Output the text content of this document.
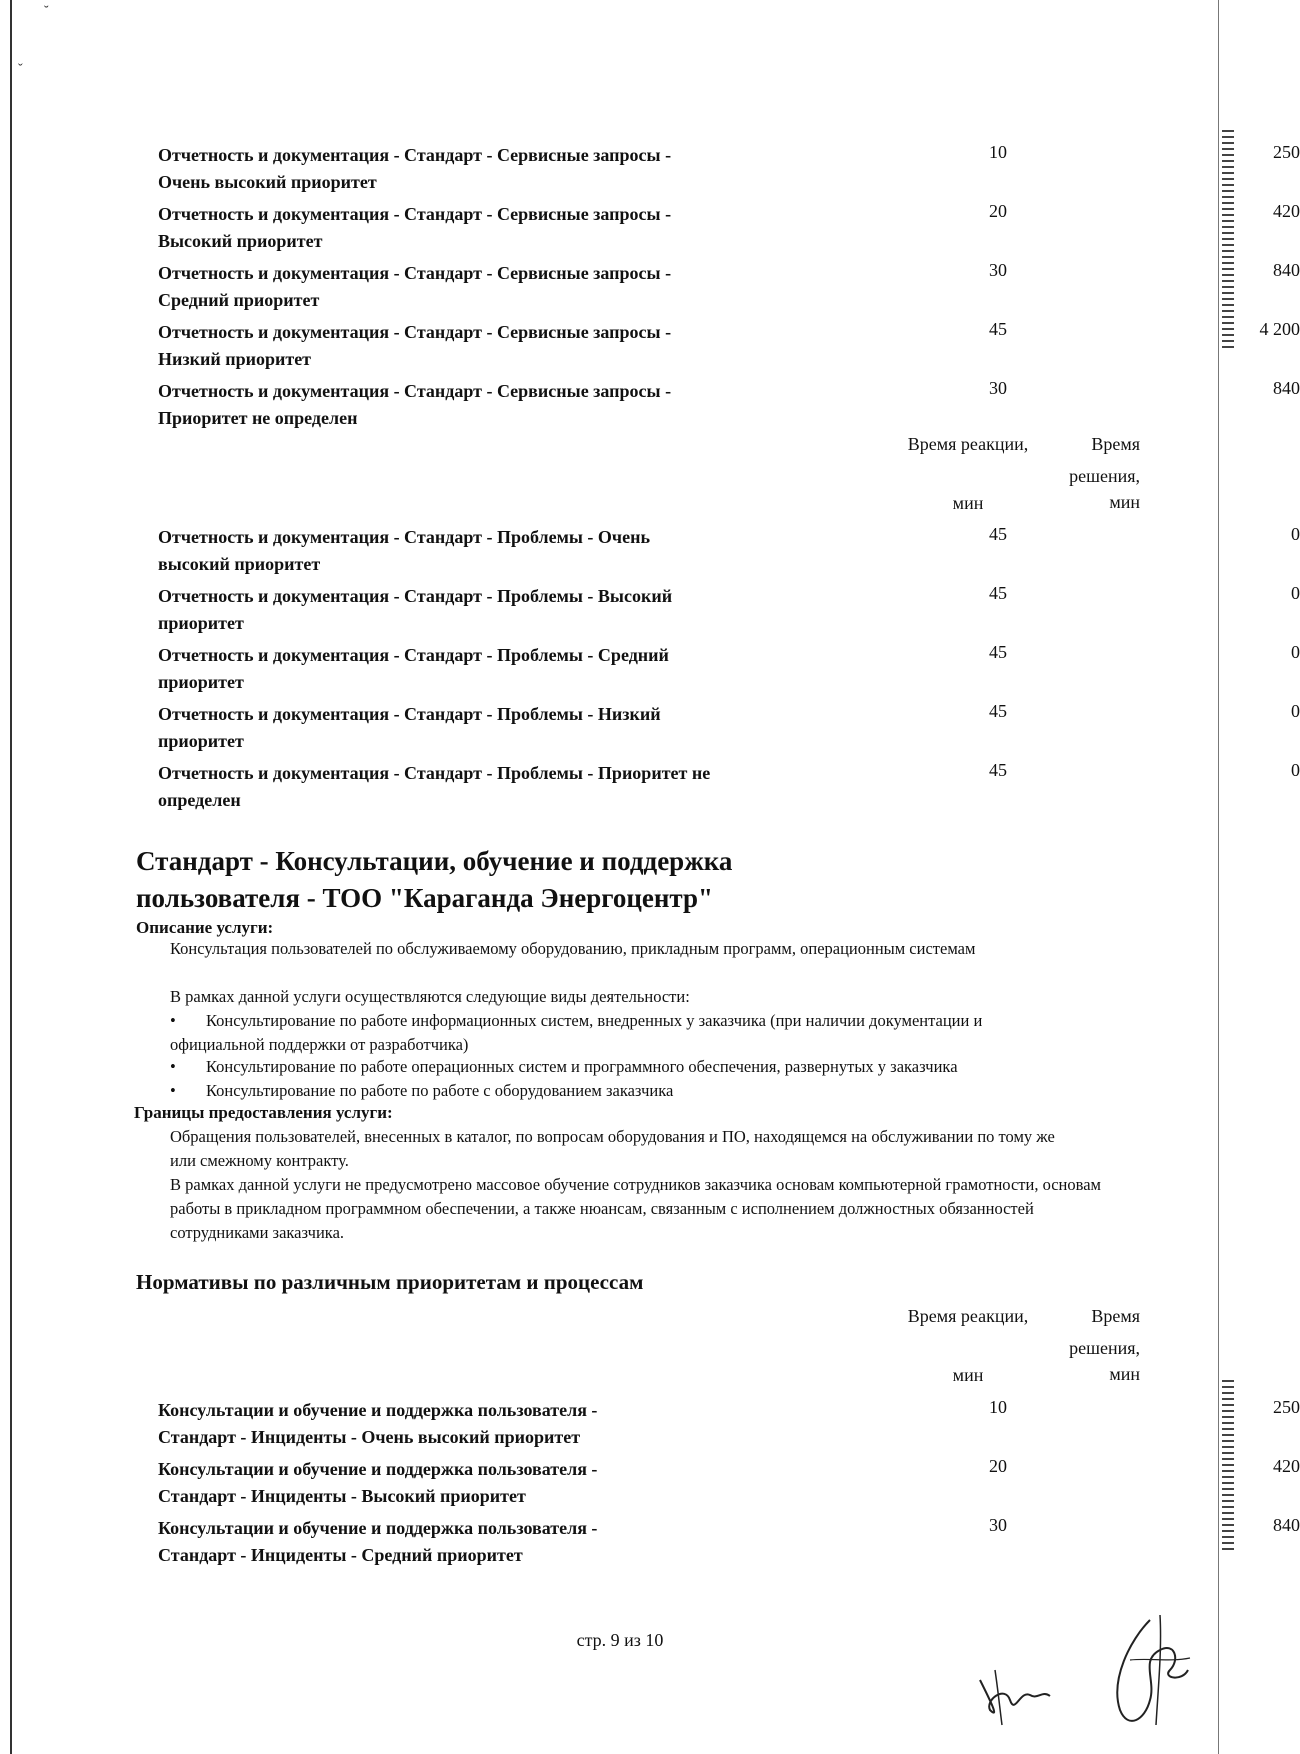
˘
ˇ
Отчетность и документация - Стандарт - Сервисные запросы - Очень высокий приоритет
10	250
Отчетность и документация - Стандарт - Сервисные запросы - Высокий приоритет
20	420
Отчетность и документация - Стандарт - Сервисные запросы - Средний приоритет
30	840
Отчетность и документация - Стандарт - Сервисные запросы - Низкий приоритет
45	4 200
Отчетность и документация - Стандарт - Сервисные запросы - Приоритет не определен
30	840
Время реакции,
мин
Время
решения,
мин
Отчетность и документация - Стандарт - Проблемы - Очень высокий приоритет
45	0
Отчетность и документация - Стандарт - Проблемы - Высокий приоритет
45	0
Отчетность и документация - Стандарт - Проблемы - Средний приоритет
45	0
Отчетность и документация - Стандарт - Проблемы - Низкий приоритет
45	0
Отчетность и документация - Стандарт - Проблемы - Приоритет не определен
45	0
Стандарт - Консультации, обучение и поддержка
пользователя - ТОО "Караганда Энергоцентр"
Описание услуги:
Консультация пользователей по обслуживаемому оборудованию, прикладным программ, операционным системам
В рамках данной услуги осуществляются следующие виды деятельности:
• Консультирование по работе информационных систем, внедренных у заказчика (при наличии документации и официальной поддержки от разработчика)
• Консультирование по работе операционных систем и программного обеспечения, развернутых у заказчика
• Консультирование по работе по работе с оборудованием заказчика
Границы предоставления услуги:
Обращения пользователей, внесенных в каталог, по вопросам оборудования и ПО, находящемся на обслуживании по тому же или смежному контракту.
В рамках данной услуги не предусмотрено массовое обучение сотрудников заказчика основам компьютерной грамотности, основам работы в прикладном программном обеспечении, а также нюансам, связанным с исполнением должностных обязанностей сотрудниками заказчика.
Нормативы по различным приоритетам и процессам
Время реакции,
мин
Время
решения,
мин
Консультации и обучение и поддержка пользователя - Стандарт - Инциденты - Очень высокий приоритет
10	250
Консультации и обучение и поддержка пользователя - Стандарт - Инциденты - Высокий приоритет
20	420
Консультации и обучение и поддержка пользователя - Стандарт - Инциденты - Средний приоритет
30	840
стр. 9 из 10
